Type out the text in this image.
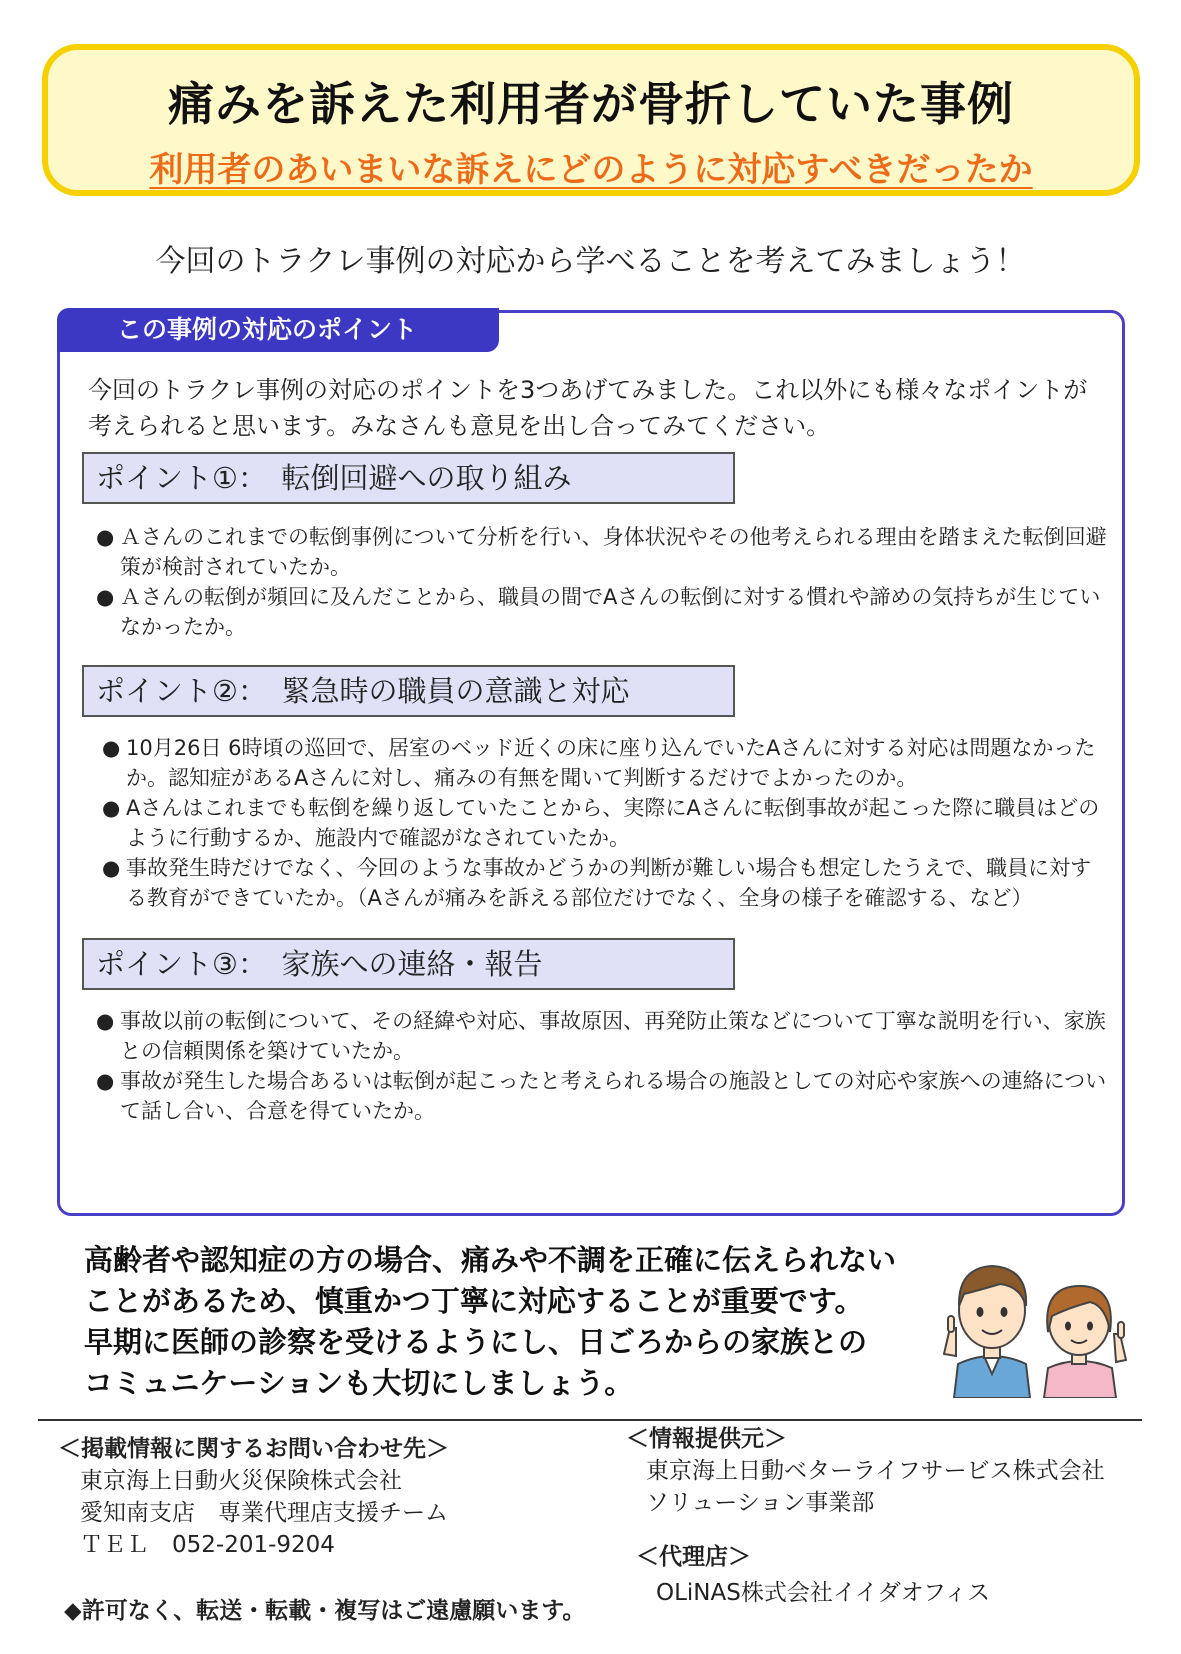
痛みを訴えた利用者が骨折していた事例
利用者のあいまいな訴えにどのように対応すべきだったか
今回のトラクレ事例の対応から学べることを考えてみましょう！
この事例の対応のポイント
今回のトラクレ事例の対応のポイントを3つあげてみました。これ以外にも様々なポイントが
考えられると思います。みなさんも意見を出し合ってみてください。
ポイント①：　転倒回避への取り組み
● Ａさんのこれまでの転倒事例について分析を行い、身体状況やその他考えられる理由を踏まえた転倒回避策が検討されていたか。
● Ａさんの転倒が頻回に及んだことから、職員の間でAさんの転倒に対する慣れや諦めの気持ちが生じていなかったか。
ポイント②：　緊急時の職員の意識と対応
● 10月26日 6時頃の巡回で、居室のベッド近くの床に座り込んでいたAさんに対する対応は問題なかったか。認知症があるAさんに対し、痛みの有無を聞いて判断するだけでよかったのか。
● Aさんはこれまでも転倒を繰り返していたことから、実際にAさんに転倒事故が起こった際に職員はどのように行動するか、施設内で確認がなされていたか。
● 事故発生時だけでなく、今回のような事故かどうかの判断が難しい場合も想定したうえで、職員に対する教育ができていたか。（Aさんが痛みを訴える部位だけでなく、全身の様子を確認する、など）
ポイント③：　家族への連絡・報告
● 事故以前の転倒について、その経緯や対応、事故原因、再発防止策などについて丁寧な説明を行い、家族との信頼関係を築けていたか。
● 事故が発生した場合あるいは転倒が起こったと考えられる場合の施設としての対応や家族への連絡について話し合い、合意を得ていたか。
高齢者や認知症の方の場合、痛みや不調を正確に伝えられない
ことがあるため、慎重かつ丁寧に対応することが重要です。
早期に医師の診察を受けるようにし、日ごろからの家族との
コミュニケーションも大切にしましょう。
＜掲載情報に関するお問い合わせ先＞
東京海上日動火災保険株式会社
愛知南支店　専業代理店支援チーム
ＴＥＬ　052-201-9204
＜情報提供元＞
東京海上日動ベターライフサービス株式会社
ソリューション事業部
＜代理店＞
OLiNAS株式会社イイダオフィス
◆許可なく、転送・転載・複写はご遠慮願います。
